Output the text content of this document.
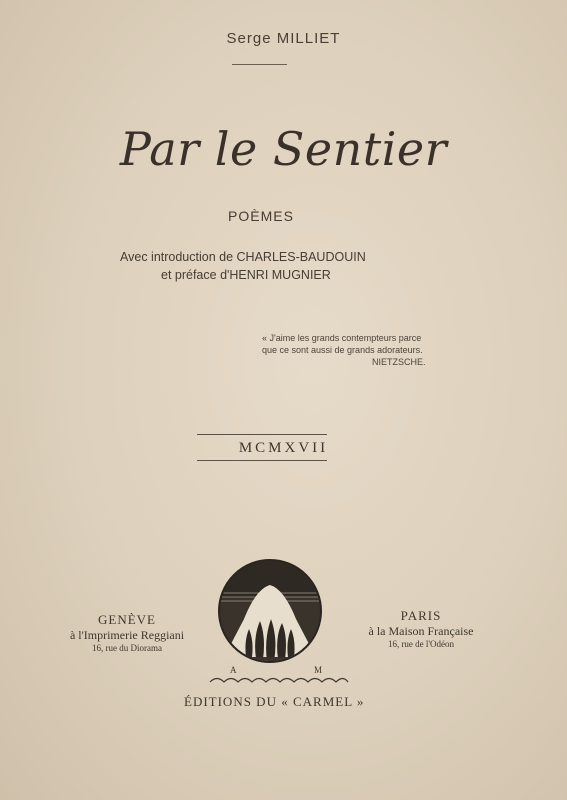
Serge MILLIET
Par le Sentier
POÈMES
Avec introduction de CHARLES-BAUDOUIN
et préface d'HENRI MUGNIER
« J'aime les grands contempteurs parce
que ce sont aussi de grands adorateurs.
NIETZSCHE.
MCMXVII
GENÈVE
à l'Imprimerie Reggiani
16, rue du Diorama
A	M
PARIS
à la Maison Française
16, rue de l'Odéon
ÉDITIONS DU « CARMEL »
